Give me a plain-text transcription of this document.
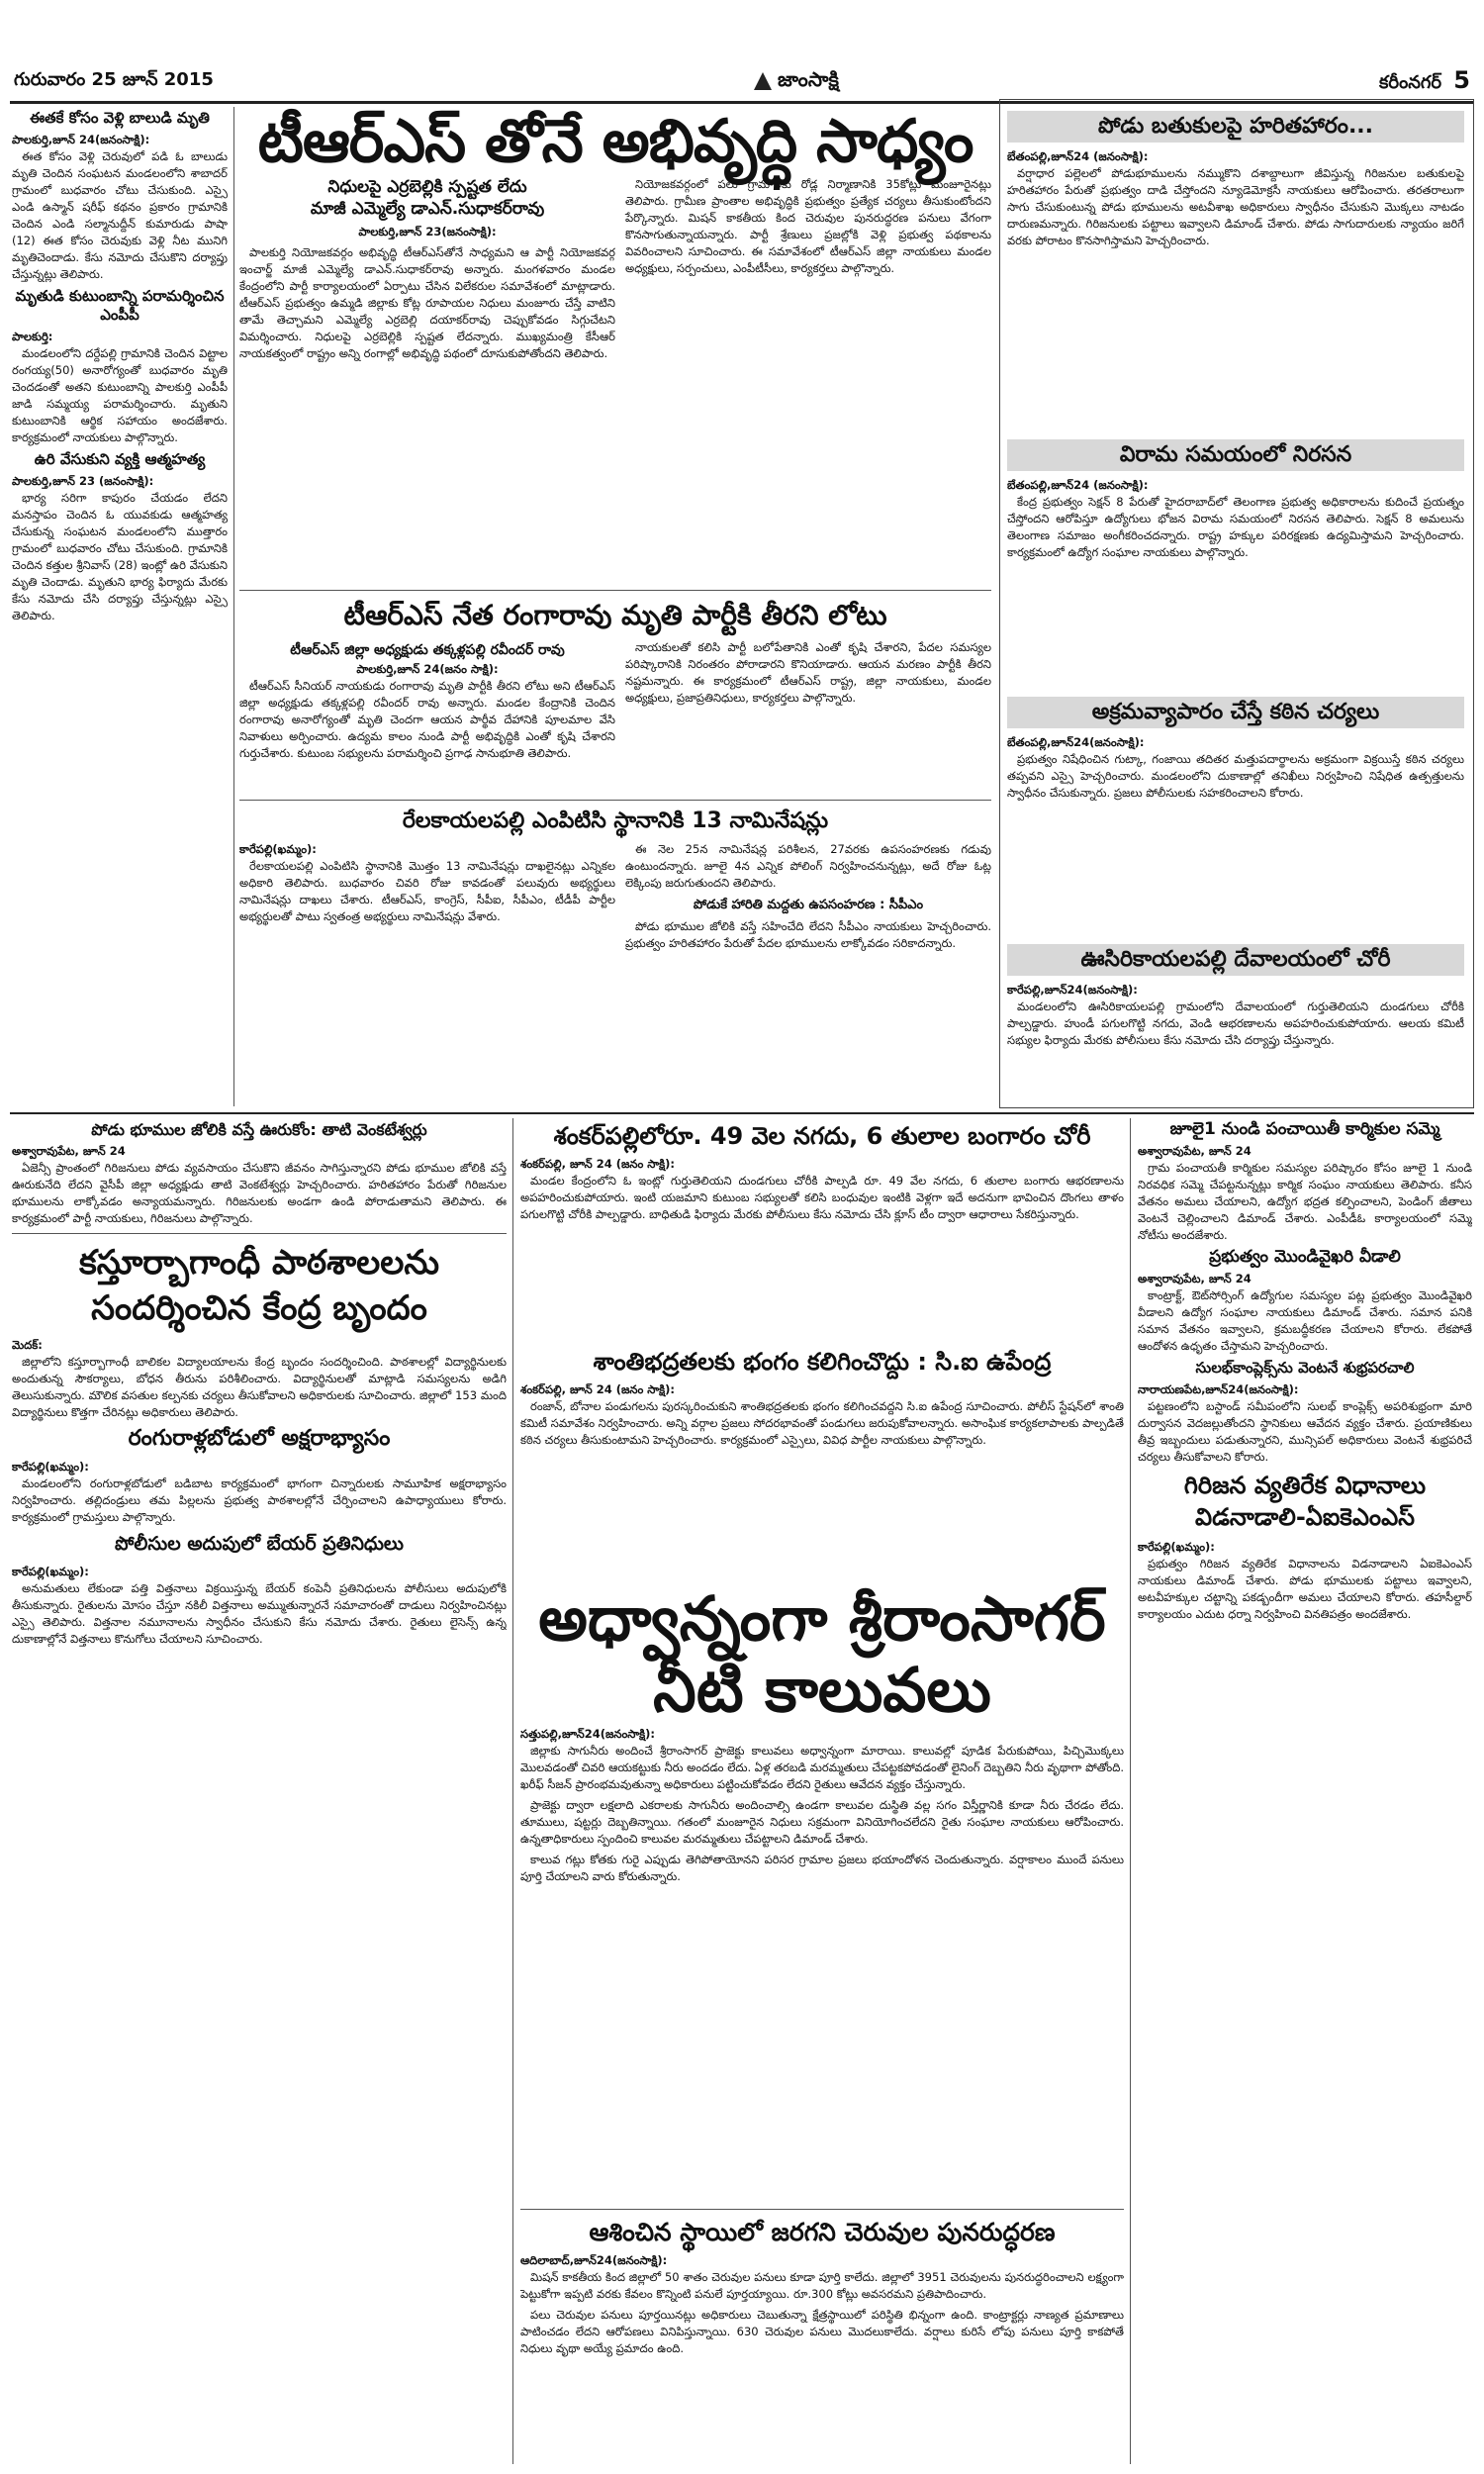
గురువారం 25 జూన్ 2015	జాంసాక్షి	కరీంనగర్ 5
ఈతకే కోసం వెళ్లి బాలుడి మృతి
పాలకుర్తి,జూన్ 24(జనంసాక్షి):

ఈత కోసం వెళ్లి చెరువులో పడి ఓ బాలుడు మృతి చెందిన సంఘటన మండలంలోని శాబాదర్ గ్రామంలో బుధవారం చోటు చేసుకుంది. ఎస్సై ఎండి ఉస్మాన్ షరీఫ్ కథనం ప్రకారం గ్రామానికి చెందిన ఎండి సల్మానుద్దీన్ కుమారుడు పాషా (12) ఈత కోసం చెరువుకు వెళ్లి నీట మునిగి మృతిచెందాడు. కేసు నమోదు చేసుకొని దర్యాప్తు చేస్తున్నట్లు తెలిపారు.

మృతుడి కుటుంబాన్ని పరామర్శించిన ఎంపీపీ
పాలకుర్తి:

మండలంలోని దర్దేపల్లి గ్రామానికి చెందిన విట్టాల రంగయ్య(50) అనారోగ్యంతో బుధవారం మృతి చెందడంతో అతని కుటుంబాన్ని పాలకుర్తి ఎంపీపీ జాడి సమ్మయ్య పరామర్శించారు. మృతుని కుటుంబానికి ఆర్థిక సహాయం అందజేశారు. కార్యక్రమంలో నాయకులు పాల్గొన్నారు.

ఉరి వేసుకుని వ్యక్తి ఆత్మహత్య
పాలకుర్తి,జూన్ 23 (జనంసాక్షి):

భార్య సరిగా కాపురం చేయడం లేదని మనస్తాపం చెందిన ఓ యువకుడు ఆత్మహత్య చేసుకున్న సంఘటన మండలంలోని ముత్తారం గ్రామంలో బుధవారం చోటు చేసుకుంది. గ్రామానికి చెందిన కత్తుల శ్రీనివాస్ (28) ఇంట్లో ఉరి వేసుకుని మృతి చెందాడు. మృతుని భార్య ఫిర్యాదు మేరకు కేసు నమోదు చేసి దర్యాప్తు చేస్తున్నట్లు ఎస్సై తెలిపారు.

టీఆర్ఎస్ తోనే అభివృద్ధి సాధ్యం
నిధులపై ఎర్రబెల్లికి స్పష్టత లేదు
మాజీ ఎమ్మెల్యే డాఎన్.సుధాకర్‌రావు
పాలకుర్తి,జూన్ 23(జనంసాక్షి):

పాలకుర్తి నియోజకవర్గం అభివృద్ధి టీఆర్ఎస్‌తోనే సాధ్యమని ఆ పార్టీ నియోజకవర్గ ఇంచార్జ్ మాజీ ఎమ్మెల్యే డాఎన్.సుధాకర్‌రావు అన్నారు. మంగళవారం మండల కేంద్రంలోని పార్టీ కార్యాలయంలో ఏర్పాటు చేసిన విలేకరుల సమావేశంలో మాట్లాడారు. టీఆర్ఎస్ ప్రభుత్వం ఉమ్మడి జిల్లాకు కోట్ల రూపాయల నిధులు మంజూరు చేస్తే వాటిని తామే తెచ్చామని ఎమ్మెల్యే ఎర్రబెల్లి దయాకర్‌రావు చెప్పుకోవడం సిగ్గుచేటని విమర్శించారు. నిధులపై ఎర్రబెల్లికి స్పష్టత లేదన్నారు. ముఖ్యమంత్రి కేసీఆర్ నాయకత్వంలో రాష్ట్రం అన్ని రంగాల్లో అభివృద్ధి పథంలో దూసుకుపోతోందని తెలిపారు.

నియోజకవర్గంలో పలు గ్రామాలకు రోడ్ల నిర్మాణానికి 35కోట్లు మంజూరైనట్లు తెలిపారు. గ్రామీణ ప్రాంతాల అభివృద్ధికి ప్రభుత్వం ప్రత్యేక చర్యలు తీసుకుంటోందని పేర్కొన్నారు. మిషన్ కాకతీయ కింద చెరువుల పునరుద్ధరణ పనులు వేగంగా కొనసాగుతున్నాయన్నారు. పార్టీ శ్రేణులు ప్రజల్లోకి వెళ్లి ప్రభుత్వ పథకాలను వివరించాలని సూచించారు. ఈ సమావేశంలో టీఆర్ఎస్ జిల్లా నాయకులు మండల అధ్యక్షులు, సర్పంచులు, ఎంపీటీసీలు, కార్యకర్తలు పాల్గొన్నారు.

టీఆర్ఎస్ నేత రంగారావు మృతి పార్టీకి తీరని లోటు
టీఆర్ఎస్ జిల్లా అధ్యక్షుడు తక్కళ్లపల్లి రవీందర్ రావు
పాలకుర్తి,జూన్ 24(జనం సాక్షి):

టీఆర్ఎస్ సీనియర్ నాయకుడు రంగారావు మృతి పార్టీకి తీరని లోటు అని టీఆర్ఎస్ జిల్లా అధ్యక్షుడు తక్కళ్లపల్లి రవీందర్ రావు అన్నారు. మండల కేంద్రానికి చెందిన రంగారావు అనారోగ్యంతో మృతి చెందగా ఆయన పార్థీవ దేహానికి పూలమాల వేసి నివాళులు అర్పించారు. ఉద్యమ కాలం నుండి పార్టీ అభివృద్ధికి ఎంతో కృషి చేశారని గుర్తుచేశారు. కుటుంబ సభ్యులను పరామర్శించి ప్రగాఢ సానుభూతి తెలిపారు.

నాయకులతో కలిసి పార్టీ బలోపేతానికి ఎంతో కృషి చేశారని, పేదల సమస్యల పరిష్కారానికి నిరంతరం పోరాడారని కొనియాడారు. ఆయన మరణం పార్టీకి తీరని నష్టమన్నారు. ఈ కార్యక్రమంలో టీఆర్ఎస్ రాష్ట్ర, జిల్లా నాయకులు, మండల అధ్యక్షులు, ప్రజాప్రతినిధులు, కార్యకర్తలు పాల్గొన్నారు.

రేలకాయలపల్లి ఎంపిటిసి స్థానానికి 13 నామినేషన్లు
కారేపల్లి(ఖమ్మం):

రేలకాయలపల్లి ఎంపిటిసి స్థానానికి మొత్తం 13 నామినేషన్లు దాఖలైనట్లు ఎన్నికల అధికారి తెలిపారు. బుధవారం చివరి రోజు కావడంతో పలువురు అభ్యర్థులు నామినేషన్లు దాఖలు చేశారు. టీఆర్ఎస్, కాంగ్రెస్, సీపీఐ, సీపీఎం, టీడీపీ పార్టీల అభ్యర్థులతో పాటు స్వతంత్ర అభ్యర్థులు నామినేషన్లు వేశారు.

ఈ నెల 25న నామినేషన్ల పరిశీలన, 27వరకు ఉపసంహరణకు గడువు ఉంటుందన్నారు. జూలై 4న ఎన్నిక పోలింగ్ నిర్వహించనున్నట్లు, అదే రోజు ఓట్ల లెక్కింపు జరుగుతుందని తెలిపారు.

పోడుకే హారితి మద్దతు ఉపసంహరణ : సీపీఎం

పోడు భూముల జోలికి వస్తే సహించేది లేదని సీపీఎం నాయకులు హెచ్చరించారు. ప్రభుత్వం హరితహారం పేరుతో పేదల భూములను లాక్కోవడం సరికాదన్నారు.

పోడు బతుకులపై హరితహారం...
బేతంపల్లి,జూన్24 (జనంసాక్షి):

వర్షాధార పల్లెలలో పోడుభూములను నమ్ముకొని దశాబ్దాలుగా జీవిస్తున్న గిరిజనుల బతుకులపై హరితహారం పేరుతో ప్రభుత్వం దాడి చేస్తోందని న్యూడెమోక్రసీ నాయకులు ఆరోపించారు. తరతరాలుగా సాగు చేసుకుంటున్న పోడు భూములను అటవీశాఖ అధికారులు స్వాధీనం చేసుకుని మొక్కలు నాటడం దారుణమన్నారు. గిరిజనులకు పట్టాలు ఇవ్వాలని డిమాండ్ చేశారు. పోడు సాగుదారులకు న్యాయం జరిగే వరకు పోరాటం కొనసాగిస్తామని హెచ్చరించారు.

విరామ సమయంలో నిరసన
బేతంపల్లి,జూన్24 (జనంసాక్షి):

కేంద్ర ప్రభుత్వం సెక్షన్ 8 పేరుతో హైదరాబాద్‌లో తెలంగాణ ప్రభుత్వ అధికారాలను కుదించే ప్రయత్నం చేస్తోందని ఆరోపిస్తూ ఉద్యోగులు భోజన విరామ సమయంలో నిరసన తెలిపారు. సెక్షన్ 8 అమలును తెలంగాణ సమాజం అంగీకరించదన్నారు. రాష్ట్ర హక్కుల పరిరక్షణకు ఉద్యమిస్తామని హెచ్చరించారు. కార్యక్రమంలో ఉద్యోగ సంఘాల నాయకులు పాల్గొన్నారు.

అక్రమవ్యాపారం చేస్తే కఠిన చర్యలు
బేతంపల్లి,జూన్24(జనంసాక్షి):

ప్రభుత్వం నిషేధించిన గుట్కా, గంజాయి తదితర మత్తుపదార్థాలను అక్రమంగా విక్రయిస్తే కఠిన చర్యలు తప్పవని ఎస్సై హెచ్చరించారు. మండలంలోని దుకాణాల్లో తనిఖీలు నిర్వహించి నిషేధిత ఉత్పత్తులను స్వాధీనం చేసుకున్నారు. ప్రజలు పోలీసులకు సహకరించాలని కోరారు.

ఊసిరికాయలపల్లి దేవాలయంలో చోరీ
కారేపల్లి,జూన్24(జనంసాక్షి):

మండలంలోని ఊసిరికాయలపల్లి గ్రామంలోని దేవాలయంలో గుర్తుతెలియని దుండగులు చోరీకి పాల్పడ్డారు. హుండీ పగులగొట్టి నగదు, వెండి ఆభరణాలను అపహరించుకుపోయారు. ఆలయ కమిటీ సభ్యుల ఫిర్యాదు మేరకు పోలీసులు కేసు నమోదు చేసి దర్యాప్తు చేస్తున్నారు.

పోడు భూముల జోలికి వస్తే ఊరుకోం: తాటి వెంకటేశ్వర్లు
అశ్వారావుపేట, జూన్ 24

ఏజెన్సీ ప్రాంతంలో గిరిజనులు పోడు వ్యవసాయం చేసుకొని జీవనం సాగిస్తున్నారని పోడు భూముల జోలికి వస్తే ఊరుకునేది లేదని వైసీపీ జిల్లా అధ్యక్షుడు తాటి వెంకటేశ్వర్లు హెచ్చరించారు. హరితహారం పేరుతో గిరిజనుల భూములను లాక్కోవడం అన్యాయమన్నారు. గిరిజనులకు అండగా ఉండి పోరాడుతామని తెలిపారు. ఈ కార్యక్రమంలో పార్టీ నాయకులు, గిరిజనులు పాల్గొన్నారు.

కస్తూర్బాగాంధీ పాఠశాలలను సందర్శించిన కేంద్ర బృందం
మెదక్:

జిల్లాలోని కస్తూర్బాగాంధీ బాలికల విద్యాలయాలను కేంద్ర బృందం సందర్శించింది. పాఠశాలల్లో విద్యార్థినులకు అందుతున్న సౌకర్యాలు, బోధన తీరును పరిశీలించారు. విద్యార్థినులతో మాట్లాడి సమస్యలను అడిగి తెలుసుకున్నారు. మౌలిక వసతుల కల్పనకు చర్యలు తీసుకోవాలని అధికారులకు సూచించారు. జిల్లాలో 153 మంది విద్యార్థినులు కొత్తగా చేరినట్లు అధికారులు తెలిపారు.

రంగురాళ్లబోడులో అక్షరాభ్యాసం
కారేపల్లి(ఖమ్మం):

మండలంలోని రంగురాళ్లబోడులో బడిబాట కార్యక్రమంలో భాగంగా చిన్నారులకు సామూహిక అక్షరాభ్యాసం నిర్వహించారు. తల్లిదండ్రులు తమ పిల్లలను ప్రభుత్వ పాఠశాలల్లోనే చేర్పించాలని ఉపాధ్యాయులు కోరారు. కార్యక్రమంలో గ్రామస్తులు పాల్గొన్నారు.

పోలీసుల అదుపులో బేయర్ ప్రతినిధులు
కారేపల్లి(ఖమ్మం):

అనుమతులు లేకుండా పత్తి విత్తనాలు విక్రయిస్తున్న బేయర్ కంపెనీ ప్రతినిధులను పోలీసులు అదుపులోకి తీసుకున్నారు. రైతులను మోసం చేస్తూ నకిలీ విత్తనాలు అమ్ముతున్నారనే సమాచారంతో దాడులు నిర్వహించినట్లు ఎస్సై తెలిపారు. విత్తనాల నమూనాలను స్వాధీనం చేసుకుని కేసు నమోదు చేశారు. రైతులు లైసెన్స్ ఉన్న దుకాణాల్లోనే విత్తనాలు కొనుగోలు చేయాలని సూచించారు.

శంకర్‌పల్లిలోరూ. 49 వెల నగదు, 6 తులాల బంగారం చోరీ
శంకర్‌పల్లి, జూన్ 24 (జనం సాక్షి):

మండల కేంద్రంలోని ఓ ఇంట్లో గుర్తుతెలియని దుండగులు చోరీకి పాల్పడి రూ. 49 వేల నగదు, 6 తులాల బంగారు ఆభరణాలను అపహరించుకుపోయారు. ఇంటి యజమాని కుటుంబ సభ్యులతో కలిసి బంధువుల ఇంటికి వెళ్లగా ఇదే అదనుగా భావించిన దొంగలు తాళం పగులగొట్టి చోరీకి పాల్పడ్డారు. బాధితుడి ఫిర్యాదు మేరకు పోలీసులు కేసు నమోదు చేసి క్లూస్ టీం ద్వారా ఆధారాలు సేకరిస్తున్నారు.

శాంతిభద్రతలకు భంగం కలిగించొద్దు : సి.ఐ ఉపేంద్ర
శంకర్‌పల్లి, జూన్ 24 (జనం సాక్షి):

రంజాన్, బోనాల పండుగలను పురస్కరించుకుని శాంతిభద్రతలకు భంగం కలిగించవద్దని సి.ఐ ఉపేంద్ర సూచించారు. పోలీస్ స్టేషన్‌లో శాంతి కమిటీ సమావేశం నిర్వహించారు. అన్ని వర్గాల ప్రజలు సోదరభావంతో పండుగలు జరుపుకోవాలన్నారు. అసాంఘిక కార్యకలాపాలకు పాల్పడితే కఠిన చర్యలు తీసుకుంటామని హెచ్చరించారు. కార్యక్రమంలో ఎస్సైలు, వివిధ పార్టీల నాయకులు పాల్గొన్నారు.

అధ్వాన్నంగా శ్రీరాంసాగర్
నీటి కాలువలు
సత్తుపల్లి,జూన్24(జనంసాక్షి):

జిల్లాకు సాగునీరు అందించే శ్రీరాంసాగర్ ప్రాజెక్టు కాలువలు అధ్వాన్నంగా మారాయి. కాలువల్లో పూడిక పేరుకుపోయి, పిచ్చిమొక్కలు మొలవడంతో చివరి ఆయకట్టుకు నీరు అందడం లేదు. ఏళ్ల తరబడి మరమ్మతులు చేపట్టకపోవడంతో లైనింగ్ దెబ్బతిని నీరు వృథాగా పోతోంది. ఖరీఫ్ సీజన్ ప్రారంభమవుతున్నా అధికారులు పట్టించుకోవడం లేదని రైతులు ఆవేదన వ్యక్తం చేస్తున్నారు.

ప్రాజెక్టు ద్వారా లక్షలాది ఎకరాలకు సాగునీరు అందించాల్సి ఉండగా కాలువల దుస్థితి వల్ల సగం విస్తీర్ణానికి కూడా నీరు చేరడం లేదు. తూములు, షట్టర్లు దెబ్బతిన్నాయి. గతంలో మంజూరైన నిధులు సక్రమంగా వినియోగించలేదని రైతు సంఘాల నాయకులు ఆరోపించారు. ఉన్నతాధికారులు స్పందించి కాలువల మరమ్మతులు చేపట్టాలని డిమాండ్ చేశారు.

కాలువ గట్లు కోతకు గురై ఎప్పుడు తెగిపోతాయోనని పరిసర గ్రామాల ప్రజలు భయాందోళన చెందుతున్నారు. వర్షాకాలం ముందే పనులు పూర్తి చేయాలని వారు కోరుతున్నారు.

ఆశించిన స్థాయిలో జరగని చెరువుల పునరుద్ధరణ
ఆదిలాబాద్,జూన్24(జనంసాక్షి):

మిషన్ కాకతీయ కింద జిల్లాలో 50 శాతం చెరువుల పనులు కూడా పూర్తి కాలేదు. జిల్లాలో 3951 చెరువులను పునరుద్ధరించాలని లక్ష్యంగా పెట్టుకోగా ఇప్పటి వరకు కేవలం కొన్నింటి పనులే పూర్తయ్యాయి. రూ.300 కోట్లు అవసరమని ప్రతిపాదించారు.

పలు చెరువుల పనులు పూర్తయినట్లు అధికారులు చెబుతున్నా క్షేత్రస్థాయిలో పరిస్థితి భిన్నంగా ఉంది. కాంట్రాక్టర్లు నాణ్యత ప్రమాణాలు పాటించడం లేదని ఆరోపణలు వినిపిస్తున్నాయి. 630 చెరువుల పనులు మొదలుకాలేదు. వర్షాలు కురిసే లోపు పనులు పూర్తి కాకపోతే నిధులు వృథా అయ్యే ప్రమాదం ఉంది.

జూలై1 నుండి పంచాయితీ కార్మికుల సమ్మె
అశ్వారావుపేట, జూన్ 24

గ్రామ పంచాయతీ కార్మికుల సమస్యల పరిష్కారం కోసం జూలై 1 నుండి నిరవధిక సమ్మె చేపట్టనున్నట్లు కార్మిక సంఘం నాయకులు తెలిపారు. కనీస వేతనం అమలు చేయాలని, ఉద్యోగ భద్రత కల్పించాలని, పెండింగ్ జీతాలు వెంటనే చెల్లించాలని డిమాండ్ చేశారు. ఎంపీడీఓ కార్యాలయంలో సమ్మె నోటీసు అందజేశారు.

ప్రభుత్వం మొండివైఖరి వీడాలి
అశ్వారావుపేట, జూన్ 24

కాంట్రాక్ట్, ఔట్‌సోర్సింగ్ ఉద్యోగుల సమస్యల పట్ల ప్రభుత్వం మొండివైఖరి వీడాలని ఉద్యోగ సంఘాల నాయకులు డిమాండ్ చేశారు. సమాన పనికి సమాన వేతనం ఇవ్వాలని, క్రమబద్ధీకరణ చేయాలని కోరారు. లేకపోతే ఆందోళన ఉధృతం చేస్తామని హెచ్చరించారు.

సులభ్‌కాంప్లెక్స్‌ను వెంటనే శుభ్రపరచాలి
నారాయణపేట,జూన్24(జనంసాక్షి):

పట్టణంలోని బస్టాండ్ సమీపంలోని సులభ్ కాంప్లెక్స్ అపరిశుభ్రంగా మారి దుర్వాసన వెదజల్లుతోందని స్థానికులు ఆవేదన వ్యక్తం చేశారు. ప్రయాణికులు తీవ్ర ఇబ్బందులు పడుతున్నారని, మున్సిపల్ అధికారులు వెంటనే శుభ్రపరిచే చర్యలు తీసుకోవాలని కోరారు.

గిరిజన వ్యతిరేక విధానాలు విడనాడాలి-ఏఐకెఎంఎస్
కారేపల్లి(ఖమ్మం):

ప్రభుత్వం గిరిజన వ్యతిరేక విధానాలను విడనాడాలని ఏఐకెఎంఎస్ నాయకులు డిమాండ్ చేశారు. పోడు భూములకు పట్టాలు ఇవ్వాలని, అటవీహక్కుల చట్టాన్ని పకడ్బందీగా అమలు చేయాలని కోరారు. తహసీల్దార్ కార్యాలయం ఎదుట ధర్నా నిర్వహించి వినతిపత్రం అందజేశారు.
